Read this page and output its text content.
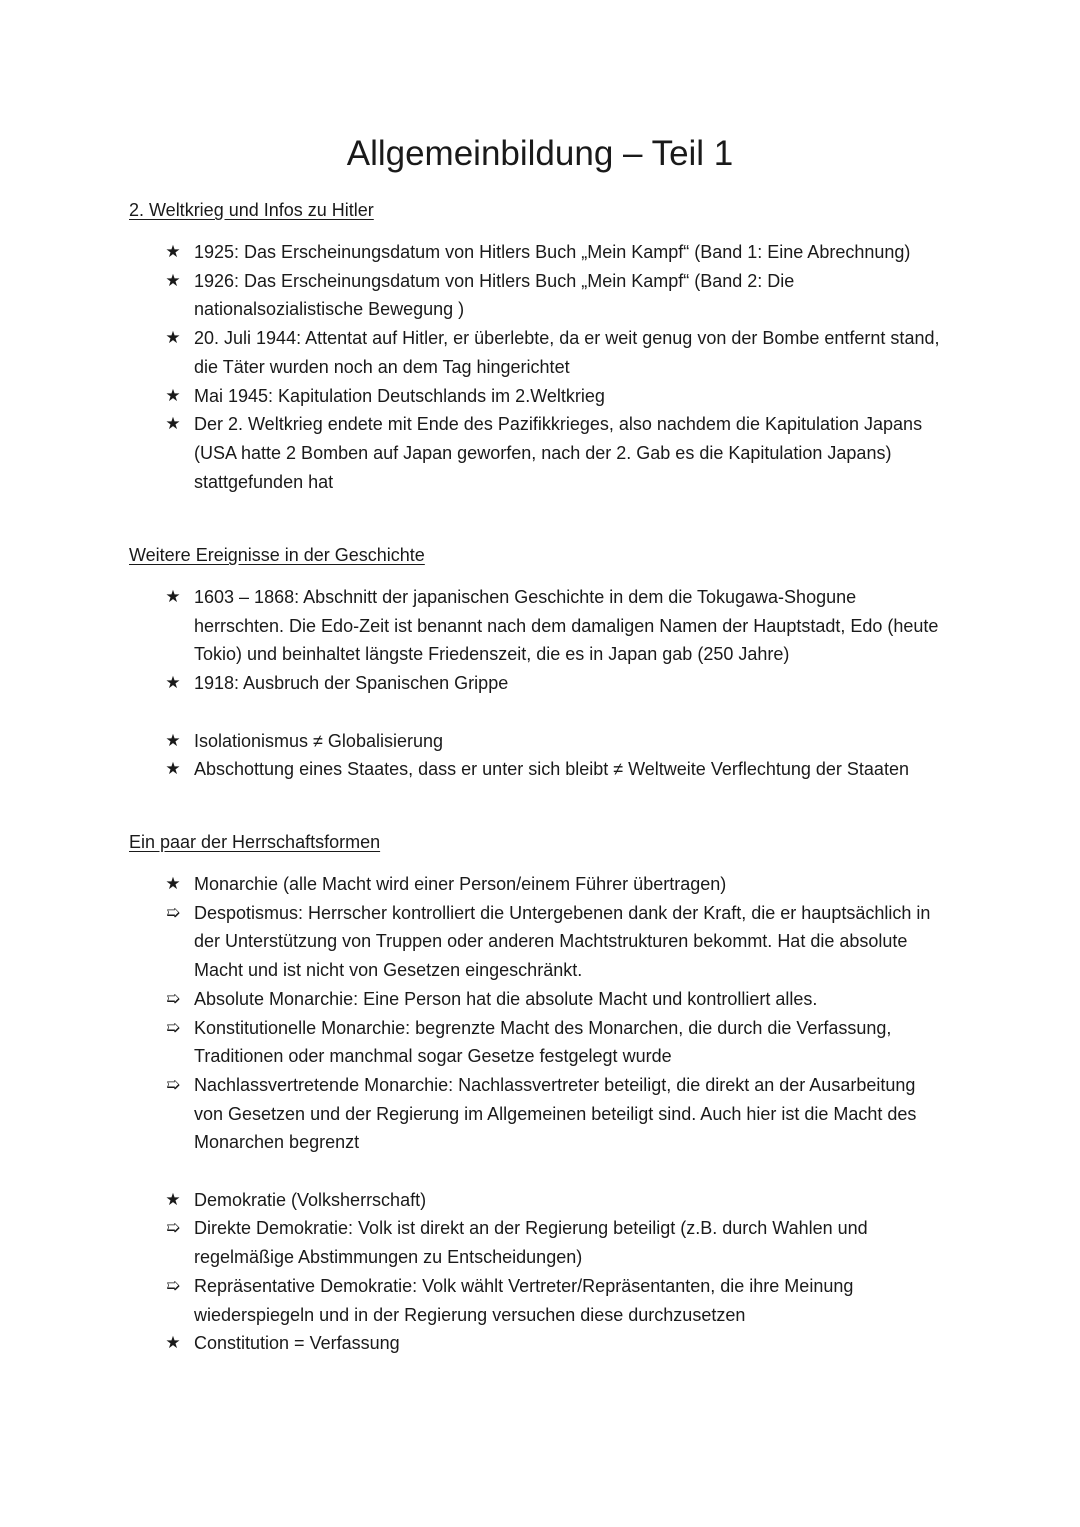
Allgemeinbildung – Teil 1
2. Weltkrieg und Infos zu Hitler
★ 1925: Das Erscheinungsdatum von Hitlers Buch „Mein Kampf“ (Band 1: Eine Abrechnung)
★ 1926: Das Erscheinungsdatum von Hitlers Buch „Mein Kampf“ (Band 2: Die nationalsozialistische Bewegung )
★ 20. Juli 1944: Attentat auf Hitler, er überlebte, da er weit genug von der Bombe entfernt stand, die Täter wurden noch an dem Tag hingerichtet
★ Mai 1945: Kapitulation Deutschlands im 2.Weltkrieg
★ Der 2. Weltkrieg endete mit Ende des Pazifikkrieges, also nachdem die Kapitulation Japans (USA hatte 2 Bomben auf Japan geworfen, nach der 2. Gab es die Kapitulation Japans) stattgefunden hat
Weitere Ereignisse in der Geschichte
★ 1603 – 1868: Abschnitt der japanischen Geschichte in dem die Tokugawa-Shogune herrschten. Die Edo-Zeit ist benannt nach dem damaligen Namen der Hauptstadt, Edo (heute Tokio) und beinhaltet längste Friedenszeit, die es in Japan gab (250 Jahre)
★ 1918: Ausbruch der Spanischen Grippe
★ Isolationismus ≠ Globalisierung
★ Abschottung eines Staates, dass er unter sich bleibt ≠ Weltweite Verflechtung der Staaten
Ein paar der Herrschaftsformen
★ Monarchie (alle Macht wird einer Person/einem Führer übertragen)
➯ Despotismus: Herrscher kontrolliert die Untergebenen dank der Kraft, die er hauptsächlich in der Unterstützung von Truppen oder anderen Machtstrukturen bekommt. Hat die absolute Macht und ist nicht von Gesetzen eingeschränkt.
➯ Absolute Monarchie: Eine Person hat die absolute Macht und kontrolliert alles.
➯ Konstitutionelle Monarchie: begrenzte Macht des Monarchen, die durch die Verfassung, Traditionen oder manchmal sogar Gesetze festgelegt wurde
➯ Nachlassvertretende Monarchie: Nachlassvertreter beteiligt, die direkt an der Ausarbeitung von Gesetzen und der Regierung im Allgemeinen beteiligt sind. Auch hier ist die Macht des Monarchen begrenzt
★ Demokratie (Volksherrschaft)
➯ Direkte Demokratie: Volk ist direkt an der Regierung beteiligt (z.B. durch Wahlen und regelmäßige Abstimmungen zu Entscheidungen)
➯ Repräsentative Demokratie: Volk wählt Vertreter/Repräsentanten, die ihre Meinung wiederspiegeln und in der Regierung versuchen diese durchzusetzen
★ Constitution = Verfassung
